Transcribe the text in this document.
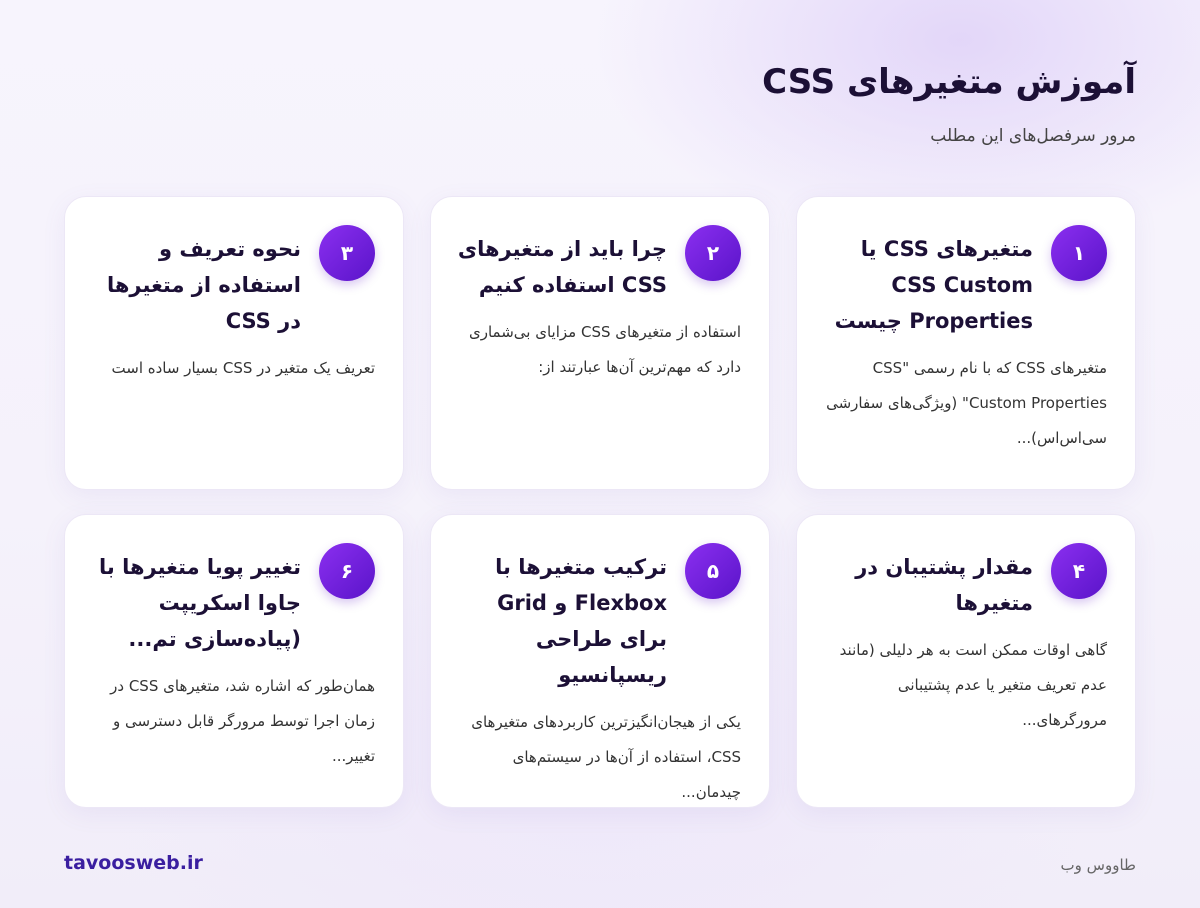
آموزش متغیرهای CSS
مرور سرفصل‌های این مطلب
۱
متغیرهای CSS یا CSS Custom Properties چیست
متغیرهای CSS که با نام رسمی "CSS Custom Properties" (ویژگی‌های سفارشی سی‌اس‌اس)...
۲
چرا باید از متغیرهای CSS استفاده کنیم
استفاده از متغیرهای CSS مزایای بی‌شماری دارد که مهم‌ترین آن‌ها عبارتند از:
۳
نحوه تعریف و استفاده از متغیرها در CSS
تعریف یک متغیر در CSS بسیار ساده است
۴
مقدار پشتیبان در متغیرها
گاهی اوقات ممکن است به هر دلیلی (مانند عدم تعریف متغیر یا عدم پشتیبانی مرورگرهای...
۵
ترکیب متغیرها با Flexbox و Grid برای طراحی ریسپانسیو
یکی از هیجان‌انگیزترین کاربردهای متغیرهای CSS، استفاده از آن‌ها در سیستم‌های چیدمان...
۶
تغییر پویا متغیرها با جاوا اسکریپت (پیاده‌سازی تم...
همان‌طور که اشاره شد، متغیرهای CSS در زمان اجرا توسط مرورگر قابل دسترسی و تغییر...
tavoosweb.ir	طاووس وب
